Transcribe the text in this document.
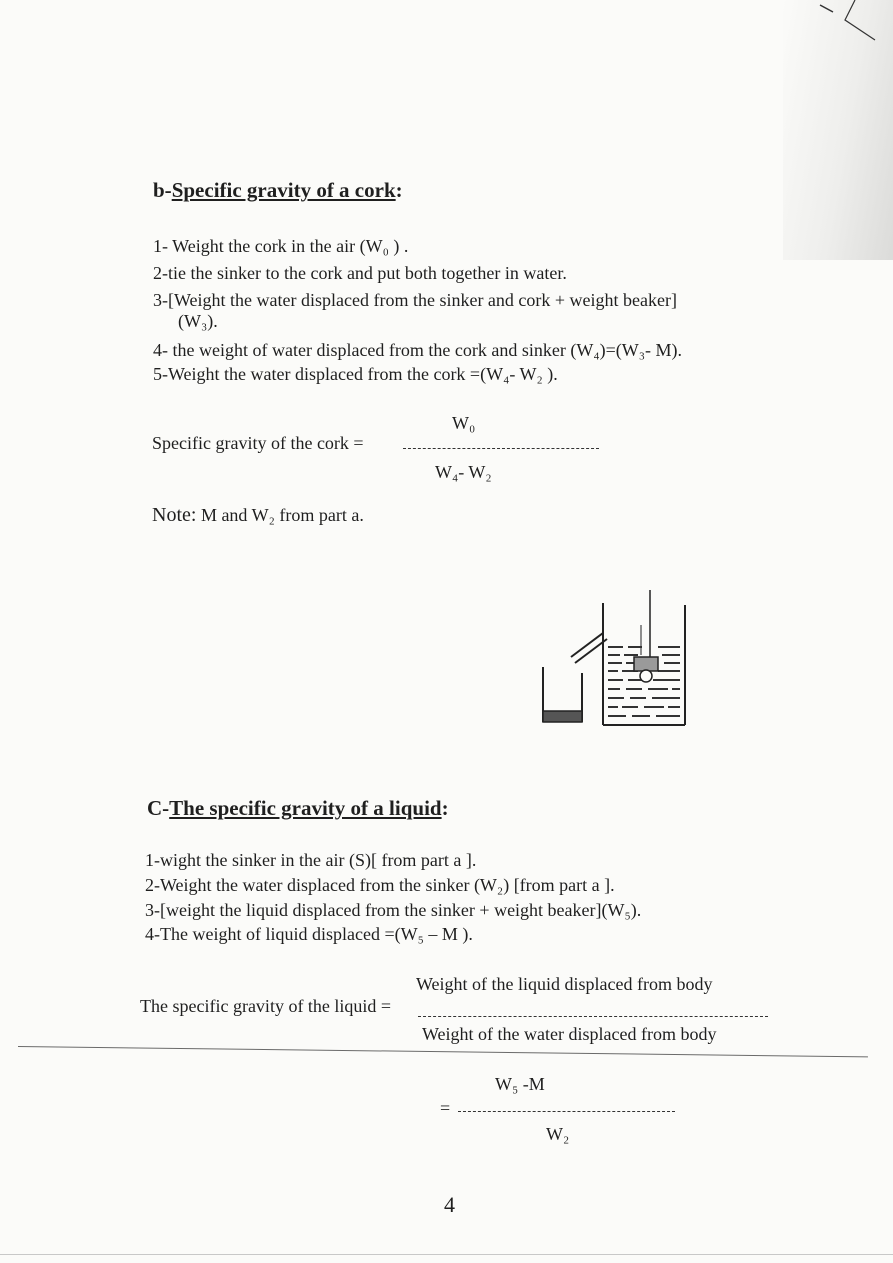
b-Specific gravity of a cork:
1- Weight the cork in the air (W₀ ) .
2-tie the sinker to the cork and put both together in water.
3-[Weight the water displaced from the sinker and cork + weight beaker]
(W₃).
4- the weight of water displaced from the cork and sinker (W₄)=(W₃- M).
5-Weight the water displaced from the cork =(W₄- W₂ ).
W₀
Specific gravity of the cork =
W₄- W₂
Note: M and W₂ from part a.
C-The specific gravity of a liquid:
1-wight the sinker in the air (S)[ from part a ].
2-Weight the water displaced from the sinker (W₂) [from part a ].
3-[weight the liquid displaced from the sinker + weight beaker](W₅).
4-The weight of liquid displaced =(W₅ – M ).
Weight of the liquid displaced from body
The specific gravity of the liquid =
Weight of the water displaced from body
W₅ -M
=
W₂
4
